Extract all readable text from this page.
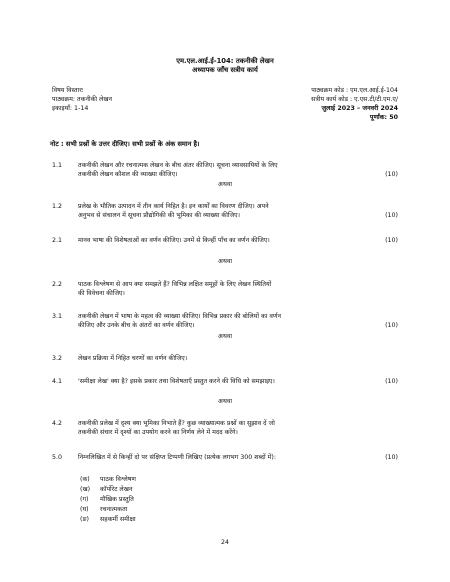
एम.एल.आई.ई-104: तकनीकी लेखन
अध्यापक जाँच सत्रीय कार्य
विषय विस्तारः
पाठ्यक्रम: तकनीकी लेखन
इकाइयाँ: 1-14
पाठ्यक्रम कोड : एम.एल.आई.ई-104
सत्रीय कार्य कोड : ए.एस.टी/टी.एम.ए/
जुलाई 2023 – जनवरी 2024
पूर्णांक: 50
नोट : सभी प्रश्नों के उत्तर दीजिए। सभी प्रश्नों के अंक समान है।
1.1	तकनीकी लेखन और रचनात्मक लेखन के बीच अंतर कीजिए। सूचना व्यावसायियों के लिए
तकनीकी लेखन कौशल की व्याख्या कीजिए।	(10)
अथवा
1.2	प्रलेख के भौतिक उत्पादन में तीन कार्य निहित है। इन कार्यों का विवरण दीजिए। अपने
अनुभव से संचालन में सूचना प्रौद्योगिकी की भूमिका की व्याख्या कीजिए।	(10)
2.1	मानव भाषा की विशेषताओं का वर्णन कीजिए। उनमें से किन्हीं पाँच का वर्णन कीजिए।	(10)
अथवा
2.2	पाठक विश्लेषण से आप क्या समझते हैं? विभिन्न लक्षित समूहों के लिए लेखन स्थितियों
की विवेचना कीजिए।
3.1	तकनीकी लेखन में भाषा के महत्व की व्याख्या कीजिए। विभिन्न प्रकार की बोलियों का वर्णन
कीजिए और उनके बीच के अंतरों का वर्णन कीजिए।	(10)
अथवा
3.2	लेखन प्रक्रिया में निहित चरणों का वर्णन कीजिए।
4.1	'समीक्षा लेख' क्या है? इसके प्रकार तथा विशेषताएँ प्रस्तुत करने की विधि को समझाइए।	(10)
अथवा
4.2	तकनीकी प्रलेख में दृश्य क्या भूमिका निभाते हैं? कुछ व्याख्यात्मक प्रश्नों का सुझाव दें जो
तकनीकी संचार में दृश्यों का उपयोग करने का निर्णय लेने में मदद करेंगे।
5.0	निम्नलिखित में से किन्हीं दो पर संक्षिप्त टिप्पणी लिखिए (प्रत्येक लगभग 300 शब्दों में):	(10)
(क) पाठक विश्लेषण
(ख) कॉर्पोरेट लेखन
(ग) मौखिक प्रस्तुति
(घ) रचनात्मकता
(ङ) सहकर्मी समीक्षा
24
